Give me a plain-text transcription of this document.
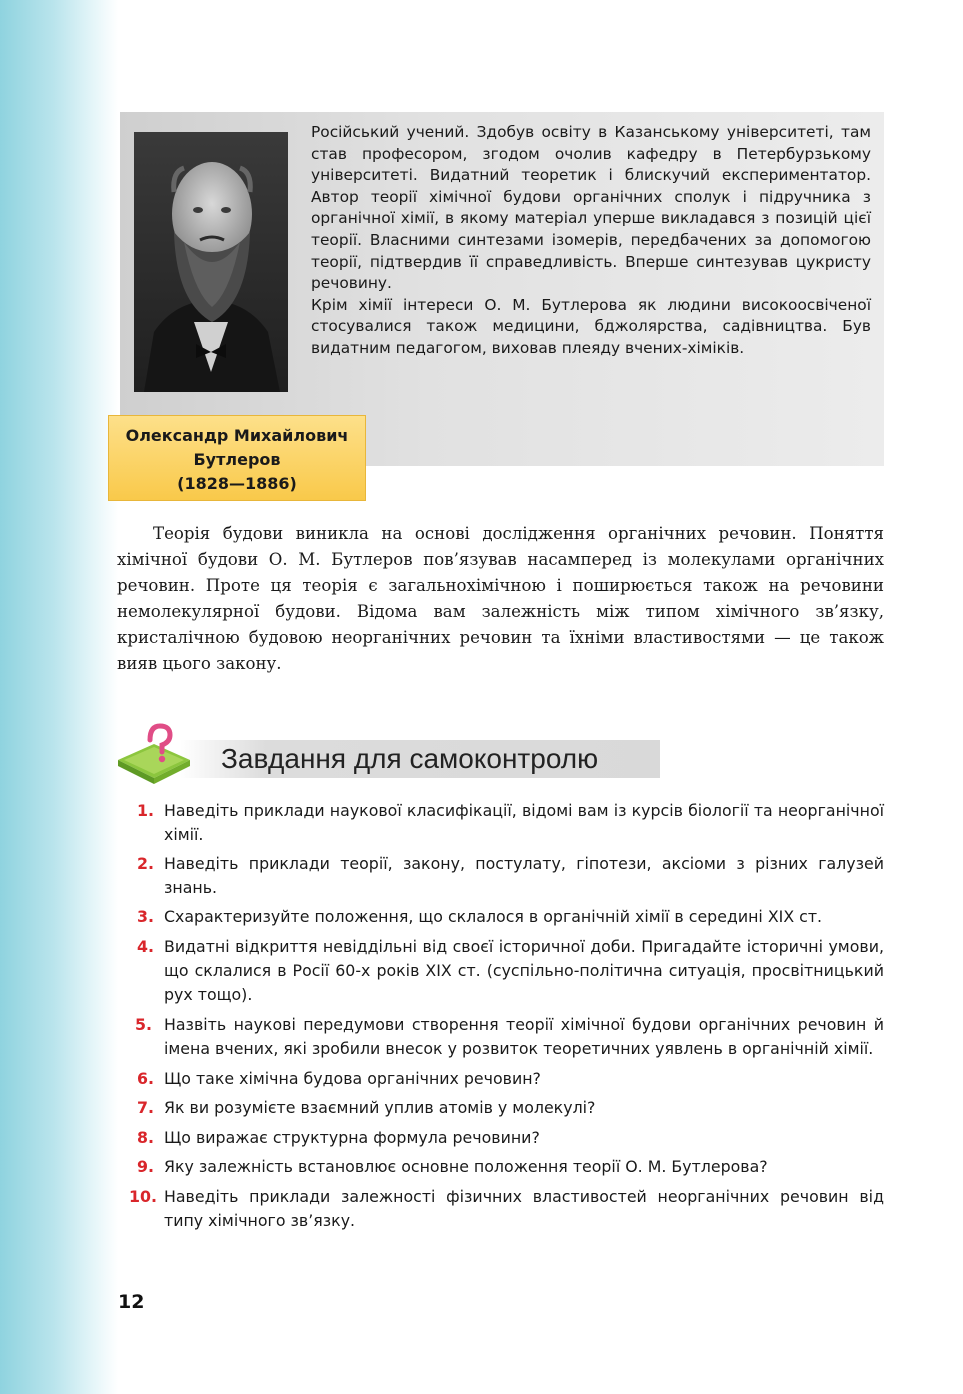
Російський учений. Здобув освіту в Казанському університеті, там став професором, згодом очолив кафедру в Петербурзькому університеті. Видатний теоретик і блискучий експериментатор. Автор теорії хімічної будови органічних сполук і підручника з органічної хімії, в якому матеріал уперше викладався з позицій цієї теорії. Власними синтезами ізомерів, передбачених за допомогою теорії, підтвердив її справедливість. Вперше синтезував цукристу речовину.

Крім хімії інтереси О. М. Бутлерова як людини високоосвіченої стосувалися також медицини, бджолярства, садівництва. Був видатним педагогом, виховав плеяду вчених-хіміків.

Олександр Михайлович
Бутлеров
(1828—1886)

Теорія будови виникла на основі дослідження органічних речовин. Поняття хімічної будови О. М. Бутлеров пов’язував насамперед із молекулами органічних речовин. Проте ця теорія є загальнохімічною і поширюється також на речовини немолекулярної будови. Відома вам залежність між типом хімічного зв’язку, кристалічною будовою неорганічних речовин та їхніми властивостями — це також вияв цього закону.

Завдання для самоконтролю
1. Наведіть приклади наукової класифікації, відомі вам із курсів біології та неорганічної хімії.
2. Наведіть приклади теорії, закону, постулату, гіпотези, аксіоми з різних галузей знань.
3. Схарактеризуйте положення, що склалося в органічній хімії в середині XIX ст.
4. Видатні відкриття невіддільні від своєї історичної доби. Пригадайте історичні умови, що склалися в Росії 60-х років XIX ст. (суспільно-політична ситуація, просвітницький рух тощо).
5. Назвіть наукові передумови створення теорії хімічної будови органічних речовин й імена вчених, які зробили внесок у розвиток теоретичних уявлень в органічній хімії.
6. Що таке хімічна будова органічних речовин?
7. Як ви розумієте взаємний уплив атомів у молекулі?
8. Що виражає структурна формула речовини?
9. Яку залежність встановлює основне положення теорії О. М. Бутлерова?
10. Наведіть приклади залежності фізичних властивостей неорганічних речовин від типу хімічного зв’язку.
12
